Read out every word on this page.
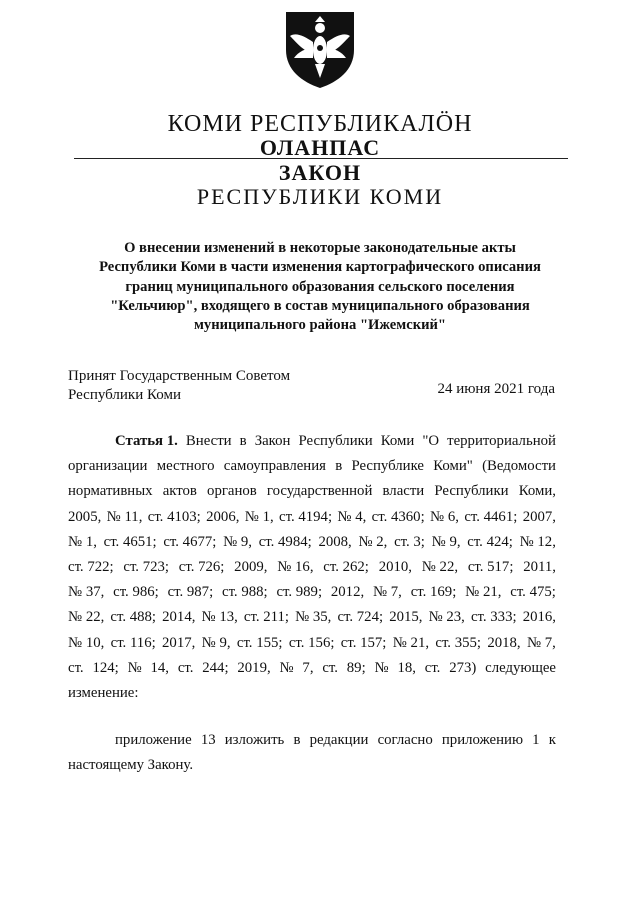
КОМИ РЕСПУБЛИКАЛӦН
ОЛАНПАС
ЗАКОН
РЕСПУБЛИКИ КОМИ
О внесении изменений в некоторые законодательные акты
Республики Коми в части изменения картографического описания
границ муниципального образования сельского поселения
"Кельчиюр", входящего в состав муниципального образования
муниципального района "Ижемский"
Принят Государственным Советом
Республики Коми	24 июня 2021 года
Статья 1. Внести в Закон Республики Коми "О территориальной
организации местного самоуправления в Республике Коми" (Ведомости
нормативных актов органов государственной власти Республики Коми,
2005, № 11, ст. 4103; 2006, № 1, ст. 4194; № 4, ст. 4360; № 6, ст. 4461; 2007,
№ 1, ст. 4651; ст. 4677; № 9, ст. 4984; 2008, № 2, ст. 3; № 9, ст. 424; № 12,
ст. 722; ст. 723; ст. 726; 2009, № 16, ст. 262; 2010, № 22, ст. 517; 2011,
№ 37, ст. 986; ст. 987; ст. 988; ст. 989; 2012, № 7, ст. 169; № 21, ст. 475;
№ 22, ст. 488; 2014, № 13, ст. 211; № 35, ст. 724; 2015, № 23, ст. 333; 2016,
№ 10, ст. 116; 2017, № 9, ст. 155; ст. 156; ст. 157; № 21, ст. 355; 2018, № 7,
ст. 124; № 14, ст. 244; 2019, № 7, ст. 89; № 18, ст. 273) следующее
изменение:
приложение 13 изложить в редакции согласно приложению 1 к
настоящему Закону.
